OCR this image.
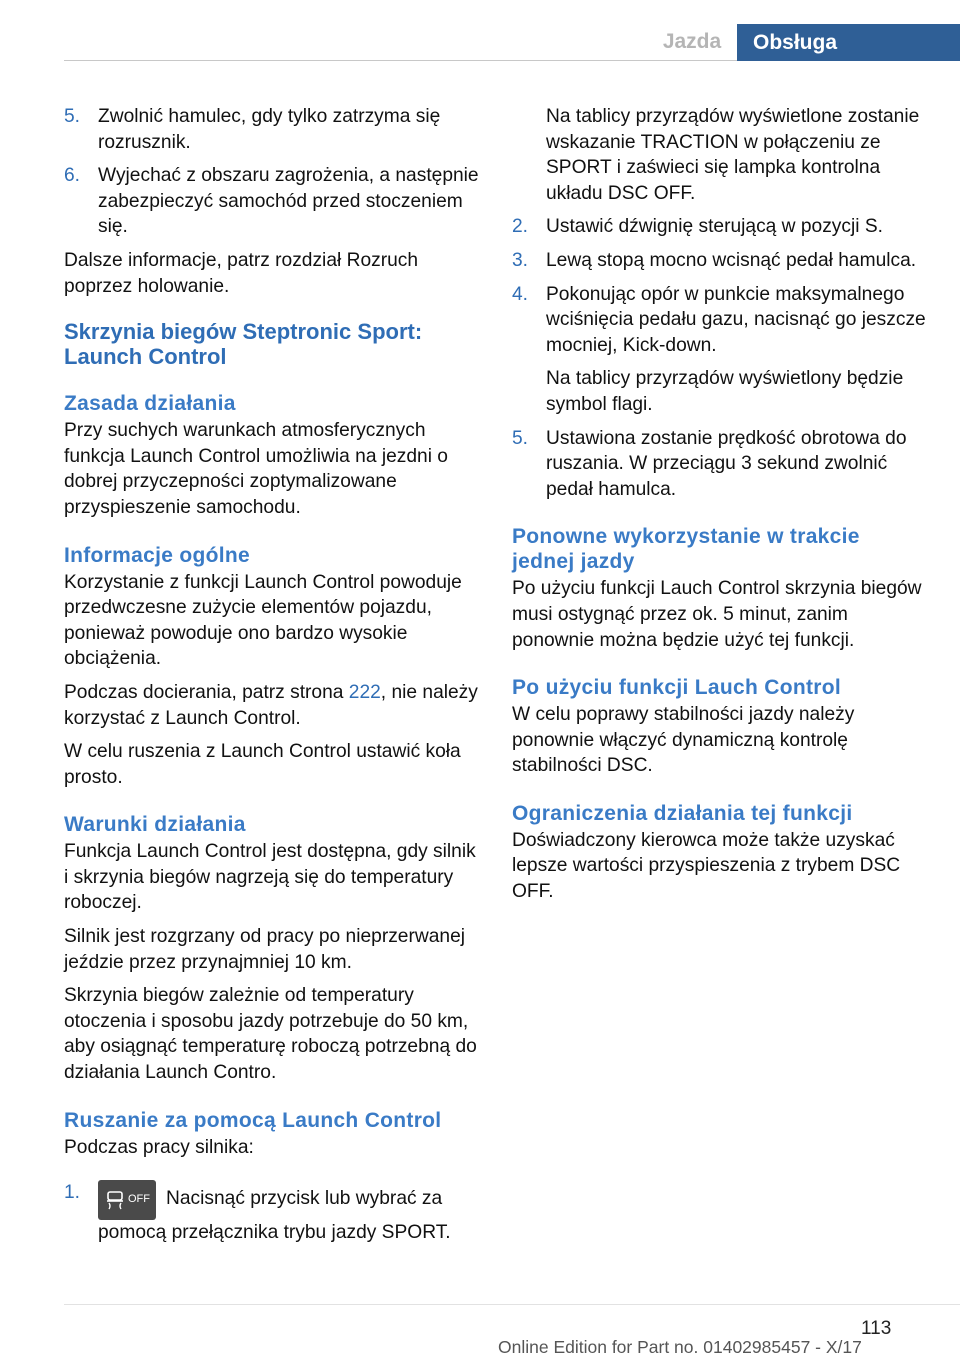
Jazda	Obsługa
5. Zwolnić hamulec, gdy tylko zatrzyma się rozrusznik.
6. Wyjechać z obszaru zagrożenia, a następnie zabezpieczyć samochód przed stoczeniem się.

Dalsze informacje, patrz rozdział Rozruch poprzez holowanie.

Skrzynia biegów Steptronic Sport: Launch Control
Zasada działania

Przy suchych warunkach atmosferycznych funkcja Launch Control umożliwia na jezdni o dobrej przyczepności zoptymalizowane przyspieszenie samochodu.

Informacje ogólne

Korzystanie z funkcji Launch Control powoduje przedwczesne zużycie elementów pojazdu, ponieważ powoduje ono bardzo wysokie obciążenia.

Podczas docierania, patrz strona 222, nie należy korzystać z Launch Control.

W celu ruszenia z Launch Control ustawić koła prosto.

Warunki działania

Funkcja Launch Control jest dostępna, gdy silnik i skrzynia biegów nagrzeją się do temperatury roboczej.

Silnik jest rozgrzany od pracy po nieprzerwanej jeździe przez przynajmniej 10 km.

Skrzynia biegów zależnie od temperatury otoczenia i sposobu jazdy potrzebuje do 50 km, aby osiągnąć temperaturę roboczą potrzebną do działania Launch Contro.

Ruszanie za pomocą Launch Control

Podczas pracy silnika:

1.	OFF Nacisnąć przycisk lub wybrać za pomocą przełącznika trybu jazdy SPORT.
Na tablicy przyrządów wyświetlone zostanie wskazanie TRACTION w połączeniu ze SPORT i zaświeci się lampka kontrolna układu DSC OFF.
2. Ustawić dźwignię sterującą w pozycji S.
3. Lewą stopą mocno wcisnąć pedał hamulca.
4. Pokonując opór w punkcie maksymalnego wciśnięcia pedału gazu, nacisnąć go jeszcze mocniej, Kick-down.
Na tablicy przyrządów wyświetlony będzie symbol flagi.
5. Ustawiona zostanie prędkość obrotowa do ruszania. W przeciągu 3 sekund zwolnić pedał hamulca.
Ponowne wykorzystanie w trakcie jednej jazdy

Po użyciu funkcji Lauch Control skrzynia biegów musi ostygnąć przez ok. 5 minut, zanim ponownie można będzie użyć tej funkcji.

Po użyciu funkcji Lauch Control

W celu poprawy stabilności jazdy należy ponownie włączyć dynamiczną kontrolę stabilności DSC.

Ograniczenia działania tej funkcji

Doświadczony kierowca może także uzyskać lepsze wartości przyspieszenia z trybem DSC OFF.

113
Online Edition for Part no. 01402985457 - X/17
